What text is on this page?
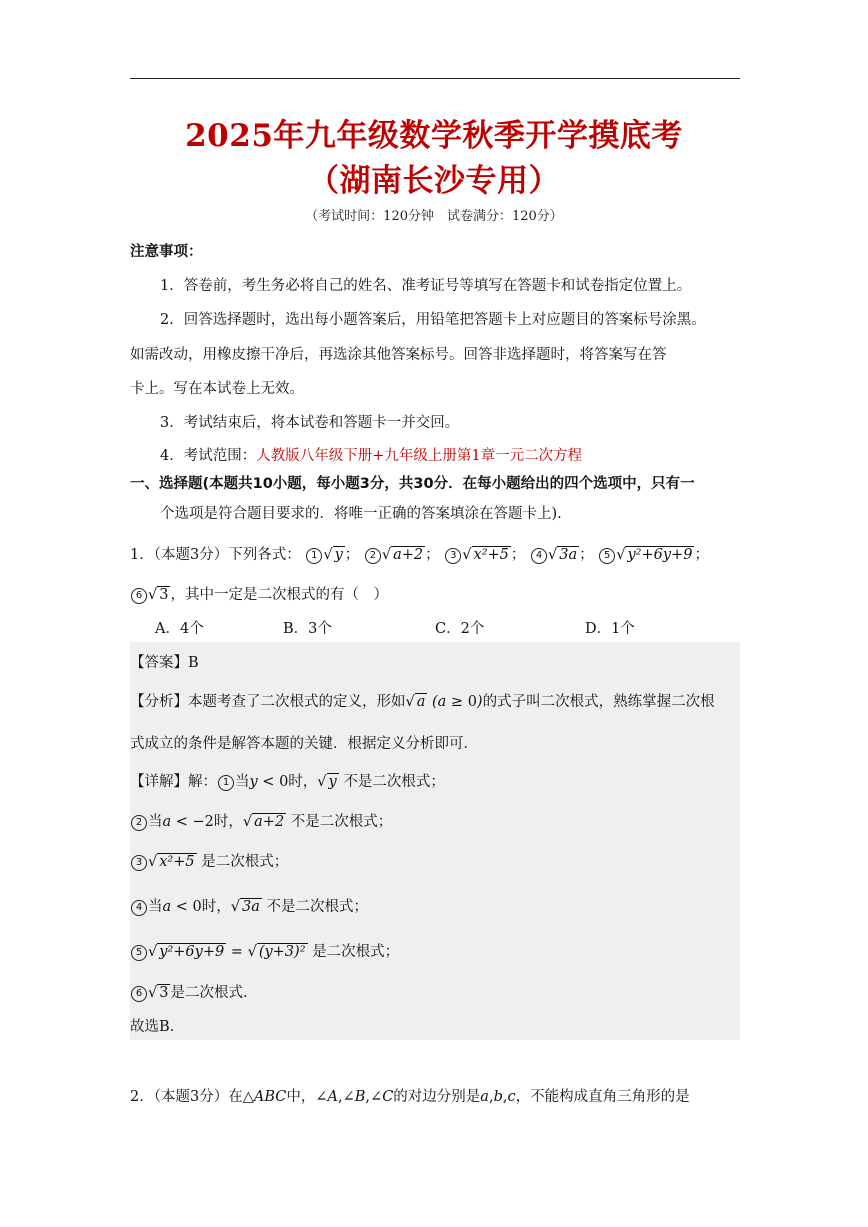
2025年九年级数学秋季开学摸底考
（湖南长沙专用）
（考试时间：120分钟　试卷满分：120分）
注意事项：
1．答卷前，考生务必将自己的姓名、准考证号等填写在答题卡和试卷指定位置上。
2．回答选择题时，选出每小题答案后，用铅笔把答题卡上对应题目的答案标号涂黑。
如需改动，用橡皮擦干净后，再选涂其他答案标号。回答非选择题时，将答案写在答
卡上。写在本试卷上无效。
3．考试结束后，将本试卷和答题卡一并交回。
4．考试范围：人教版八年级下册+九年级上册第1章一元二次方程
一、选择题(本题共10小题，每小题3分，共30分．在每小题给出的四个选项中，只有一
个选项是符合题目要求的．将唯一正确的答案填涂在答题卡上).
1．（本题3分）下列各式： 1 √ y ； 2 √ a+2 ； 3 √ x²+5 ； 4 √ 3a ； 5 √ y²+6y+9 ；
6 √ 3 ，其中一定是二次根式的有（　）
A．4个	B．3个	C．2个	D．1个
【答案】B
【分析】本题考查了二次根式的定义，形如√ a (a ≥ 0)的式子叫二次根式，熟练掌握二次根
式成立的条件是解答本题的关键．根据定义分析即可．
【详解】解： 1 当y < 0时，√ y 不是二次根式；
2 当a < −2时，√ a+2 不是二次根式；
3 √ x²+5 是二次根式；
4 当a < 0时，√ 3a 不是二次根式；
5 √ y²+6y+9 = √ (y+3)² 是二次根式；
6 √ 3 是二次根式．
故选B．
2．（本题3分）在△ABC中，∠A,∠B,∠C的对边分别是a,b,c，不能构成直角三角形的是
